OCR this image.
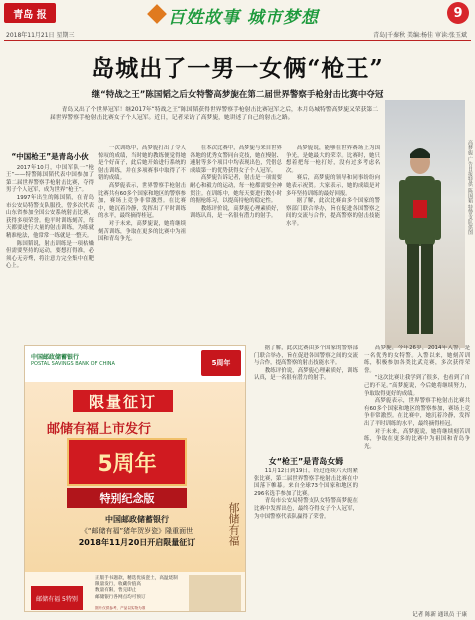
青岛 报	百姓故事 城市梦想	9
2018年11月21日 星期三	青岛|千秦秋 美编:杨佳 审读:张玉斌
岛城出了一男一女俩“枪王”
继“特战之王”陈国韬之后女特警高梦旎在第二届世界警察手枪射击比赛中夺冠
青岛又出了个世界冠军！继2017年“特战之王”陈国韬获得世界警察手枪射击比赛冠军之后，本月岛城特警高梦旎又荣获第二届世界警察手枪射击比赛女子个人冠军。近日，记者采访了高梦旎，她讲述了自己的射击之路。
“中国枪王”是青岛小伙

2017年10月，中国军队一“枪王”——特警陈国韬代表中国参加了第二届世界警察手枪射击比赛，夺得男子个人冠军，成为世界“枪王”。

1997年出生的陈国韬，在青岛市公安局特警支队服役，曾多次代表山东省参加全国公安系统射击比赛，获得多项荣誉。他平时训练刻苦，每天都要进行大量的射击训练，为练就精准枪法，他常常一练就是一整天。

陈国韬说，射击训练是一项枯燥但需要坚持的运动，要想打得准，必须心无旁骛，将注意力完全集中在靶心上。

一次训练中，高梦旎打出了令人惊叹的成绩，当时她的教练便觉得她是个好苗子，此后她开始进行系统的射击训练，并在多项赛事中取得了不错的成绩。

高梦旎表示，世界警察手枪射击比赛共有60多个国家和地区的警察参加，赛场上竞争非常激烈。在比赛中，她沉着冷静，发挥出了平时训练的水平，最终摘得桂冠。

对于未来，高梦旎说，她将继续刻苦训练，争取在更多的比赛中为祖国和青岛争光。

在本次比赛中，高梦旎与来自世界各地的优秀女警同台竞技，她在慢射、速射等多个项目中均表现出色，凭借总成绩第一的优势获得女子个人冠军。

高梦旎告诉记者，射击是一项需要耐心和毅力的运动，每一枪都需要全神贯注。在训练中，她每天要进行数小时的据枪练习，以提高持枪的稳定性。

教练评价说，高梦旎心理素质好，训练认真，是一名很有潜力的射手。

高梦旎说，能够在世界赛场上为国争光，是她最大的荣幸。比赛时，她只想着把每一枪打好，没有过多考虑名次。

赛后，高梦旎的领导和同事纷纷向她表示祝贺。大家表示，她的成绩是对多年坚持训练的最好回报。

据了解，此次比赛由多个国家的警察部门联合举办，旨在促进各国警察之间的交流与合作，提高警察的射击技能水平。	高梦旎 广告日报特供 陈国韬 特警支队供图
中国邮政储蓄银行
POSTAL SAVINGS BANK OF CHINA	5周年
限量征订
邮储有福上市发行
5周年
特别纪念版
中国邮政储蓄银行
《“邮储有福”猪年贺岁瓷》隆重面世
2018年11月20日开启限量征订	郁储有福
邮储有福 5特别
正版手书题款，精选优质瓷土，高温烧制
限量发行，收藏价值高
数量有限，售完即止
邮储银行各网点均可预订
图片仅供参考，产品以实物为准

据了解，此次比赛由多个国家的警察部门联合举办，旨在促进各国警察之间的交流与合作，提高警察的射击技能水平。

教练评价说，高梦旎心理素质好，训练认真，是一名很有潜力的射手。

女“枪王”是青岛女姆

11月12日到19日，经过连续六天的紧张比赛，第二届世界警察手枪射击比赛在中国落下帷幕。来自全球73个国家和地区的296名选手参加了比赛。

青岛市公安局特警支队女特警高梦旎在比赛中发挥出色，最终夺得女子个人冠军，为中国警察代表队赢得了荣誉。

高梦旎，今年26岁，2014年入警，是一名优秀的女特警。入警以来，她刻苦训练，积极参加各类比武竞赛，多次获得荣誉。

“这次比赛让我学到了很多，也看到了自己的不足。”高梦旎说，今后她将继续努力，争取取得更好的成绩。

高梦旎表示，世界警察手枪射击比赛共有60多个国家和地区的警察参加，赛场上竞争非常激烈。在比赛中，她沉着冷静，发挥出了平时训练的水平，最终摘得桂冠。

对于未来，高梦旎说，她将继续刻苦训练，争取在更多的比赛中为祖国和青岛争光。

记者 陈新 通讯员 于康
